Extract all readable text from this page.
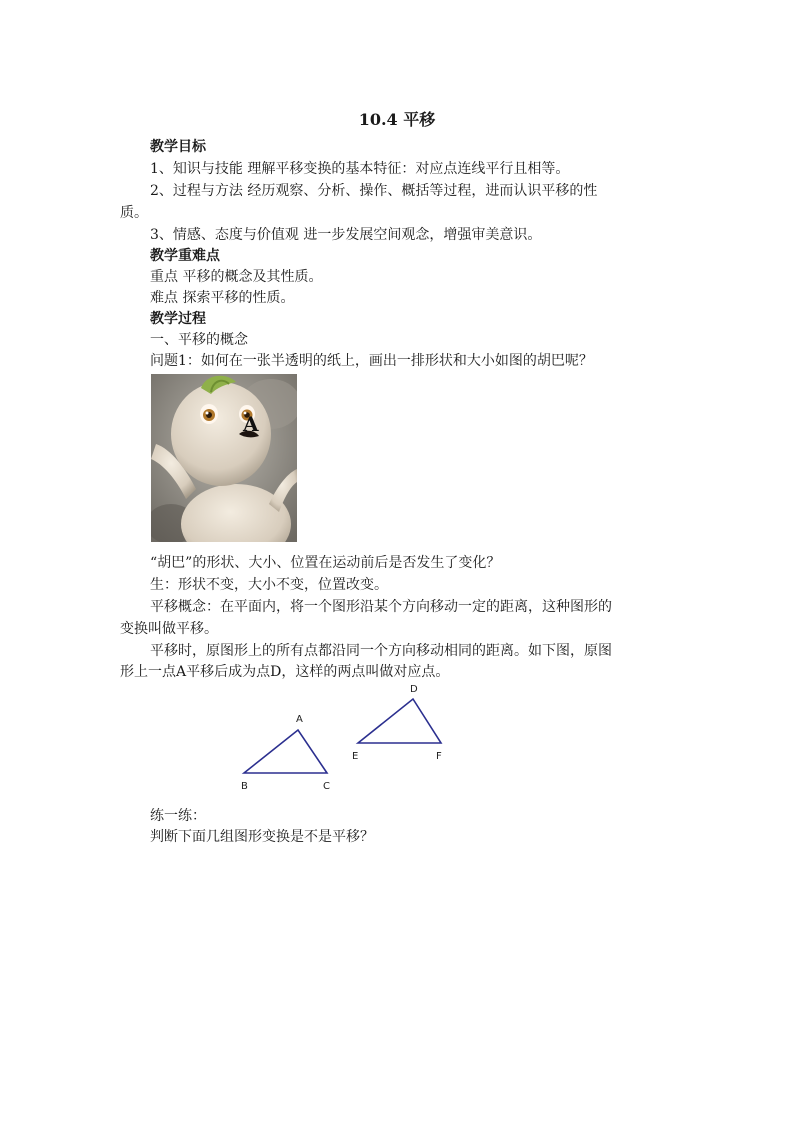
10.4 平移
教学目标
1、知识与技能 理解平移变换的基本特征：对应点连线平行且相等。
2、过程与方法 经历观察、分析、操作、概括等过程，进而认识平移的性
质。
3、情感、态度与价值观 进一步发展空间观念，增强审美意识。
教学重难点
重点 平移的概念及其性质。
难点 探索平移的性质。
教学过程
一、平移的概念
问题1：如何在一张半透明的纸上，画出一排形状和大小如图的胡巴呢？
A
“胡巴”的形状、大小、位置在运动前后是否发生了变化？
生：形状不变，大小不变，位置改变。
平移概念：在平面内，将一个图形沿某个方向移动一定的距离，这种图形的
变换叫做平移。
平移时，原图形上的所有点都沿同一个方向移动相同的距离。如下图，原图
形上一点A平移后成为点D，这样的两点叫做对应点。
A
B	C
D
E	F
练一练：
判断下面几组图形变换是不是平移？
